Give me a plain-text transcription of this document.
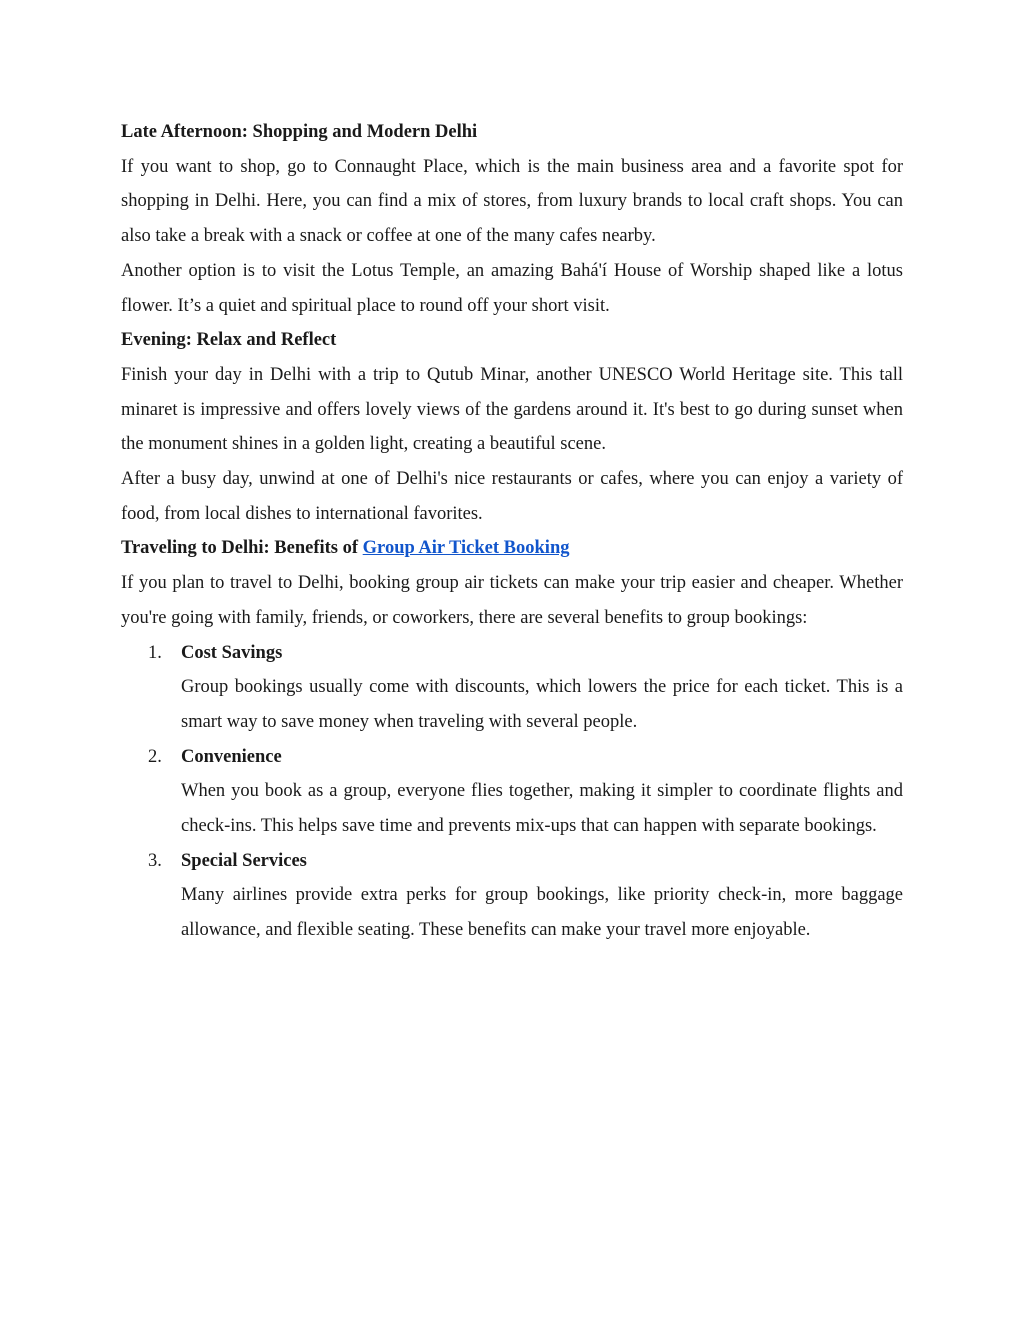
Late Afternoon: Shopping and Modern Delhi

If you want to shop, go to Connaught Place, which is the main business area and a favorite spot for shopping in Delhi. Here, you can find a mix of stores, from luxury brands to local craft shops. You can also take a break with a snack or coffee at one of the many cafes nearby.

Another option is to visit the Lotus Temple, an amazing Bahá'í House of Worship shaped like a lotus flower. It’s a quiet and spiritual place to round off your short visit.

Evening: Relax and Reflect

Finish your day in Delhi with a trip to Qutub Minar, another UNESCO World Heritage site. This tall minaret is impressive and offers lovely views of the gardens around it. It's best to go during sunset when the monument shines in a golden light, creating a beautiful scene.

After a busy day, unwind at one of Delhi's nice restaurants or cafes, where you can enjoy a variety of food, from local dishes to international favorites.

Traveling to Delhi: Benefits of Group Air Ticket Booking

If you plan to travel to Delhi, booking group air tickets can make your trip easier and cheaper. Whether you're going with family, friends, or coworkers, there are several benefits to group bookings:

1. Cost Savings

Group bookings usually come with discounts, which lowers the price for each ticket. This is a smart way to save money when traveling with several people.

2. Convenience

When you book as a group, everyone flies together, making it simpler to coordinate flights and check-ins. This helps save time and prevents mix-ups that can happen with separate bookings.

3. Special Services

Many airlines provide extra perks for group bookings, like priority check-in, more baggage allowance, and flexible seating. These benefits can make your travel more enjoyable.
